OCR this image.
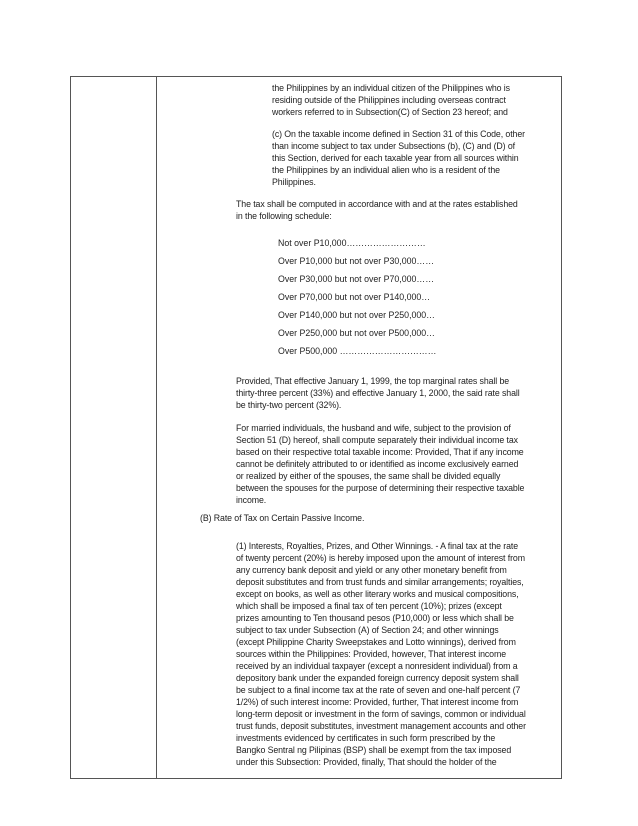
the Philippines by an individual citizen of the Philippines who is

residing outside of the Philippines including overseas contract

workers referred to in Subsection(C) of Section 23 hereof; and

(c) On the taxable income defined in Section 31 of this Code, other

than income subject to tax under Subsections (b), (C) and (D) of

this Section, derived for each taxable year from all sources within

the Philippines by an individual alien who is a resident of the

Philippines.

The tax shall be computed in accordance with and at the rates established

in the following schedule:

Not over P10,000………………………
Over P10,000 but not over P30,000……
Over P30,000 but not over P70,000……
Over P70,000 but not over P140,000…
Over P140,000 but not over P250,000…
Over P250,000 but not over P500,000…
Over P500,000 ……………………………

Provided, That effective January 1, 1999, the top marginal rates shall be

thirty-three percent (33%) and effective January 1, 2000, the said rate shall

be thirty-two percent (32%).

For married individuals, the husband and wife, subject to the provision of

Section 51 (D) hereof, shall compute separately their individual income tax

based on their respective total taxable income: Provided, That if any income

cannot be definitely attributed to or identified as income exclusively earned

or realized by either of the spouses, the same shall be divided equally

between the spouses for the purpose of determining their respective taxable

income.

(B) Rate of Tax on Certain Passive Income.

(1) Interests, Royalties, Prizes, and Other Winnings. - A final tax at the rate

of twenty percent (20%) is hereby imposed upon the amount of interest from

any currency bank deposit and yield or any other monetary benefit from

deposit substitutes and from trust funds and similar arrangements; royalties,

except on books, as well as other literary works and musical compositions,

which shall be imposed a final tax of ten percent (10%); prizes (except

prizes amounting to Ten thousand pesos (P10,000) or less which shall be

subject to tax under Subsection (A) of Section 24; and other winnings

(except Philippine Charity Sweepstakes and Lotto winnings), derived from

sources within the Philippines: Provided, however, That interest income

received by an individual taxpayer (except a nonresident individual) from a

depository bank under the expanded foreign currency deposit system shall

be subject to a final income tax at the rate of seven and one-half percent (7

1/2%) of such interest income: Provided, further, That interest income from

long-term deposit or investment in the form of savings, common or individual

trust funds, deposit substitutes, investment management accounts and other

investments evidenced by certificates in such form prescribed by the

Bangko Sentral ng Pilipinas (BSP) shall be exempt from the tax imposed

under this Subsection: Provided, finally, That should the holder of the
